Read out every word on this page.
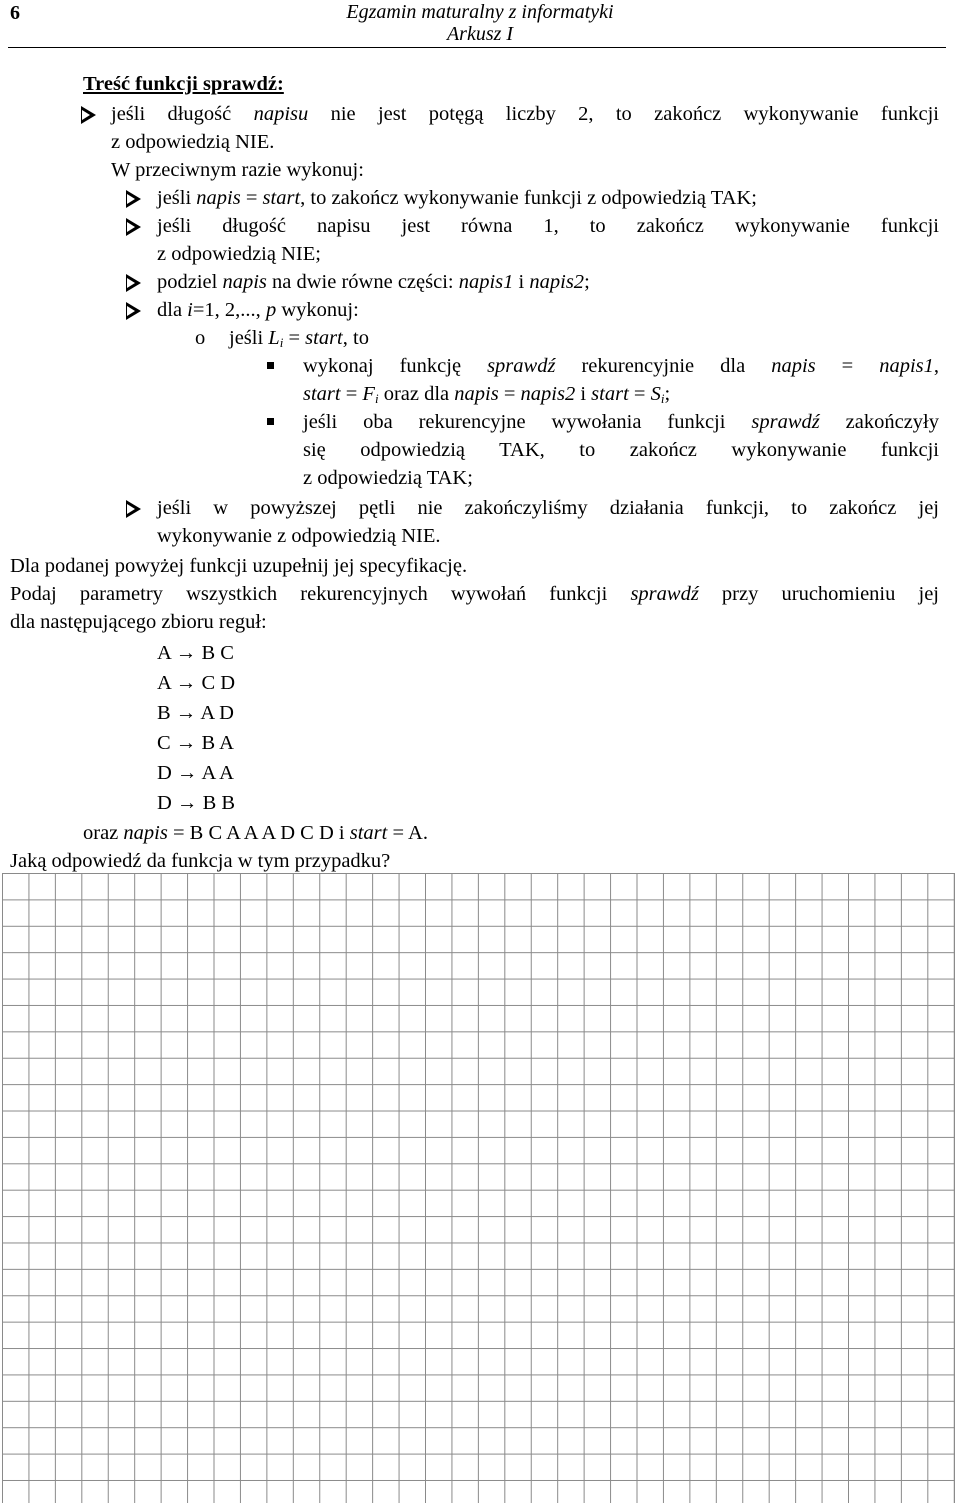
6	Egzamin maturalny z informatyki
Arkusz I
Treść funkcji sprawdź:
jeśli długość napisu nie jest potęgą liczby 2, to zakończ wykonywanie funkcji
z odpowiedzią NIE.
W przeciwnym razie wykonuj:
jeśli napis = start, to zakończ wykonywanie funkcji z odpowiedzią TAK;
jeśli długość napisu jest równa 1, to zakończ wykonywanie funkcji
z odpowiedzią NIE;
podziel napis na dwie równe części: napis1 i napis2;
dla i=1, 2,..., p wykonuj:
o jeśli $L_i$ = start, to
wykonaj funkcję sprawdź rekurencyjnie dla napis = napis1,
start = $F_i$ oraz dla napis = napis2 i start = $S_i$;
jeśli oba rekurencyjne wywołania funkcji sprawdź zakończyły
się odpowiedzią TAK, to zakończ wykonywanie funkcji
z odpowiedzią TAK;
jeśli w powyższej pętli nie zakończyliśmy działania funkcji, to zakończ jej
wykonywanie z odpowiedzią NIE.
Dla podanej powyżej funkcji uzupełnij jej specyfikację.
Podaj parametry wszystkich rekurencyjnych wywołań funkcji sprawdź przy uruchomieniu jej
dla następującego zbioru reguł:
A → B C
A → C D
B → A D
C → B A
D → A A
D → B B
oraz napis = B C A A A D C D i start = A.
Jaką odpowiedź da funkcja w tym przypadku?
